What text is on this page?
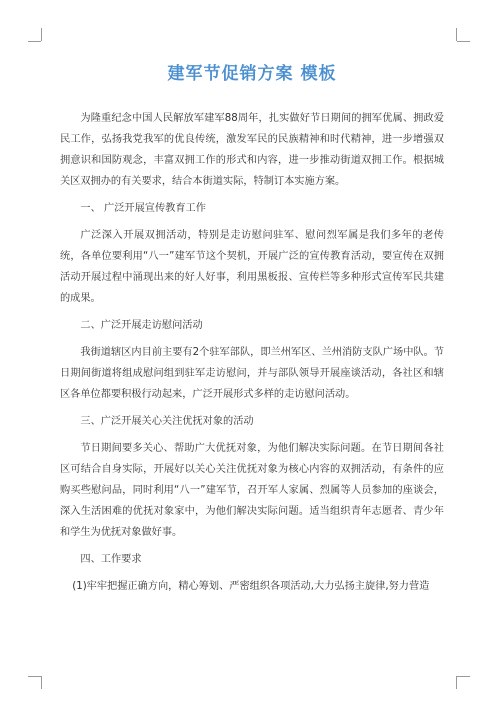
建军节促销方案 模板

为隆重纪念中国人民解放军建军88周年，扎实做好节日期间的拥军优属、拥政爱民工作，弘扬我党我军的优良传统，激发军民的民族精神和时代精神，进一步增强双拥意识和国防观念，丰富双拥工作的形式和内容，进一步推动街道双拥工作。根据城关区双拥办的有关要求，结合本街道实际，特制订本实施方案。

一、 广泛开展宣传教育工作

广泛深入开展双拥活动，特别是走访慰问驻军、慰问烈军属是我们多年的老传统，各单位要利用“八一”建军节这个契机，开展广泛的宣传教育活动，要宣传在双拥活动开展过程中涌现出来的好人好事，利用黑板报、宣传栏等多种形式宣传军民共建的成果。

二、广泛开展走访慰问活动

我街道辖区内目前主要有2个驻军部队，即兰州军区、兰州消防支队广场中队。节日期间街道将组成慰问组到驻军走访慰问，并与部队领导开展座谈活动，各社区和辖区各单位都要积极行动起来，广泛开展形式多样的走访慰问活动。

三、广泛开展关心关注优抚对象的活动

节日期间要多关心、帮助广大优抚对象，为他们解决实际问题。在节日期间各社区可结合自身实际，开展好以关心关注优抚对象为核心内容的双拥活动，有条件的应购买些慰问品，同时利用“八一”建军节，召开军人家属、烈属等人员参加的座谈会，深入生活困难的优抚对象家中，为他们解决实际问题。适当组织青年志愿者、青少年和学生为优抚对象做好事。

四、工作要求

(1)牢牢把握正确方向，精心筹划、严密组织各项活动,大力弘扬主旋律,努力营造
